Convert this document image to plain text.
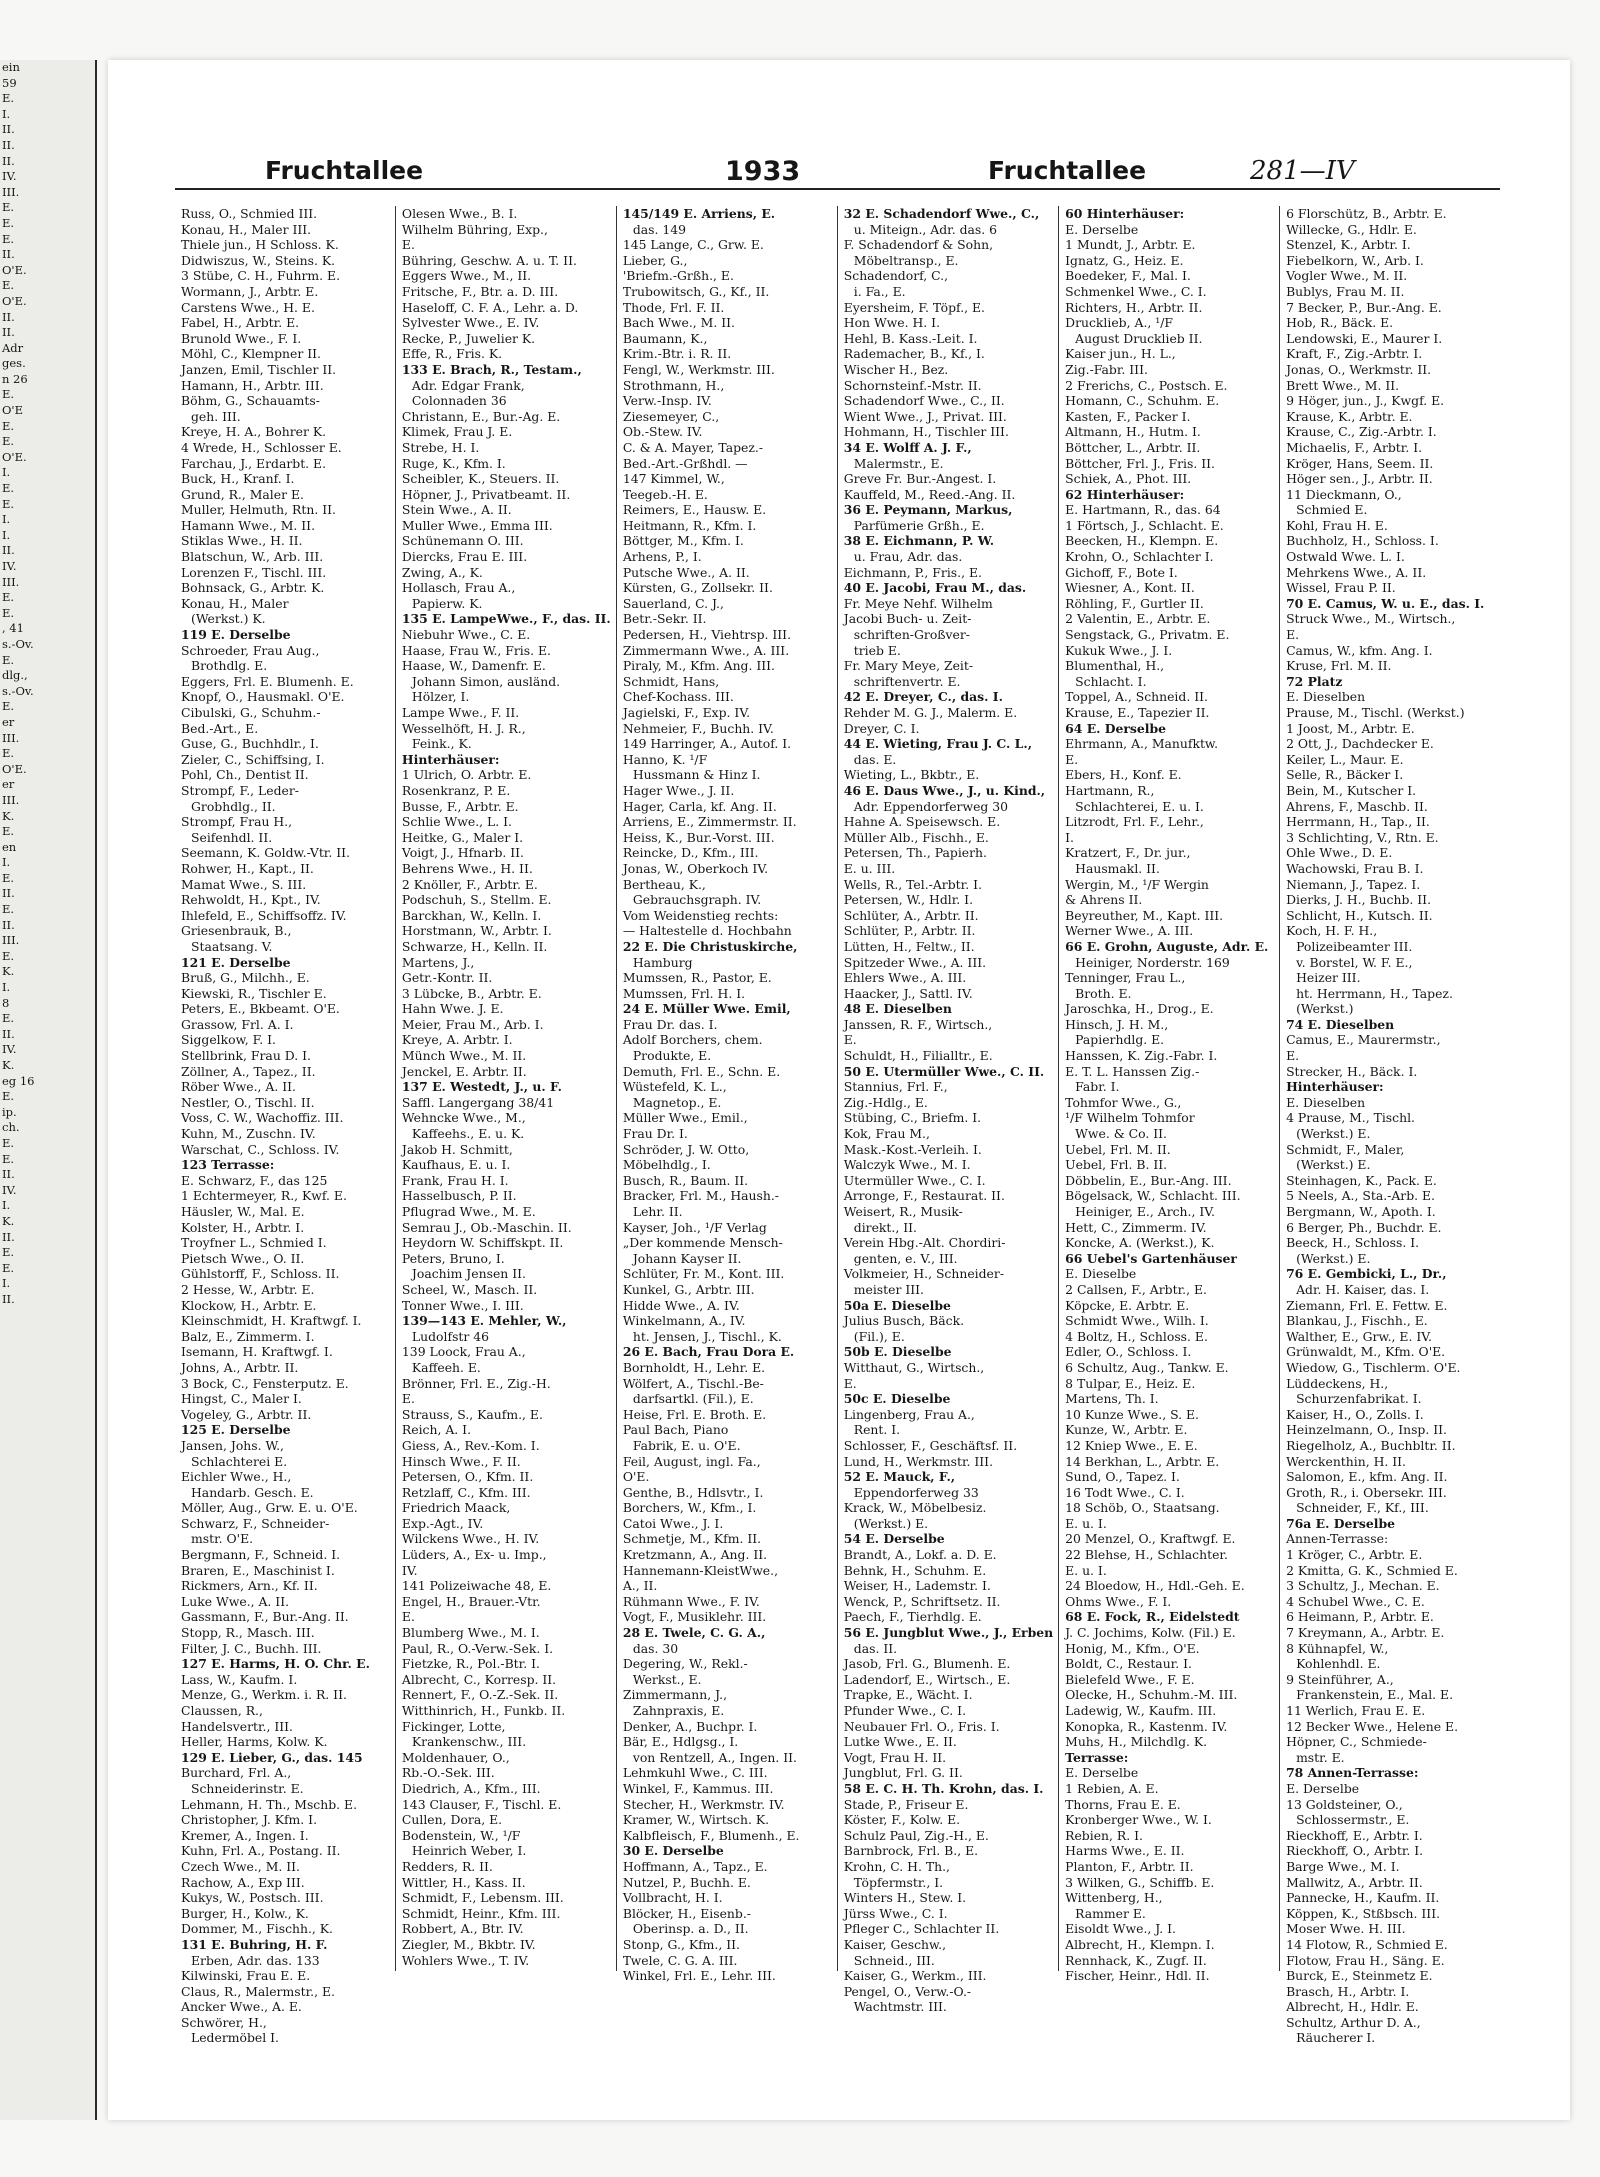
ein
59
E.
I.
II.
II.
II.
IV.
III.
E.
E.
E.
II.
O'E.
E.
O'E.
II.
II.
Adr
ges.
n 26
E.
O'E
E.
E.
O'E.
I.
E.
E.
I.
I.
II.
IV.
III.
E.
E.
, 41
s.-Ov.
E.
dlg.,
s.-Ov.
E.
er
III.
E.
O'E.
er
III.
K.
E.
en
I.
E.
II.
E.
II.
III.
E.
K.
I.
8
E.
II.
IV.
K.
eg 16
E.
ip.
ch.
E.
E.
II.
IV.
I.
K.
II.
E.
E.
I.
II.
Fruchtallee	1933	Fruchtallee	281—IV
Russ, O., Schmied III.
Konau, H., Maler III.
Thiele jun., H Schloss. K.
Didwiszus, W., Steins. K.
3 Stübe, C. H., Fuhrm. E.
Wormann, J., Arbtr. E.
Carstens Wwe., H. E.
Fabel, H., Arbtr. E.
Brunold Wwe., F. I.
Möhl, C., Klempner II.
Janzen, Emil, Tischler II.
Hamann, H., Arbtr. III.
Böhm, G., Schauamts-
geh. III.
Kreye, H. A., Bohrer K.
4 Wrede, H., Schlosser E.
Farchau, J., Erdarbt. E.
Buck, H., Kranf. I.
Grund, R., Maler E.
Muller, Helmuth, Rtn. II.
Hamann Wwe., M. II.
Stiklas Wwe., H. II.
Blatschun, W., Arb. III.
Lorenzen F., Tischl. III.
Bohnsack, G., Arbtr. K.
Konau, H., Maler
(Werkst.) K.
119 E. Derselbe
Schroeder, Frau Aug.,
Brothdlg. E.
Eggers, Frl. E. Blumenh. E.
Knopf, O., Hausmakl. O'E.
Cibulski, G., Schuhm.-
Bed.-Art., E.
Guse, G., Buchhdlr., I.
Zieler, C., Schiffsing, I.
Pohl, Ch., Dentist II.
Strompf, F., Leder-
Grobhdlg., II.
Strompf, Frau H.,
Seifenhdl. II.
Seemann, K. Goldw.-Vtr. II.
Rohwer, H., Kapt., II.
Mamat Wwe., S. III.
Rehwoldt, H., Kpt., IV.
Ihlefeld, E., Schiffsoffz. IV.
Griesenbrauk, B.,
Staatsang. V.
121 E. Derselbe
Bruß, G., Milchh., E.
Kiewski, R., Tischler E.
Peters, E., Bkbeamt. O'E.
Grassow, Frl. A. I.
Siggelkow, F. I.
Stellbrink, Frau D. I.
Zöllner, A., Tapez., II.
Röber Wwe., A. II.
Nestler, O., Tischl. II.
Voss, C. W., Wachoffiz. III.
Kuhn, M., Zuschn. IV.
Warschat, C., Schloss. IV.
123 Terrasse:
E. Schwarz, F., das 125
1 Echtermeyer, R., Kwf. E.
Häusler, W., Mal. E.
Kolster, H., Arbtr. I.
Troyfner L., Schmied I.
Pietsch Wwe., O. II.
Gühlstorff, F., Schloss. II.
2 Hesse, W., Arbtr. E.
Klockow, H., Arbtr. E.
Kleinschmidt, H. Kraftwgf. I.
Balz, E., Zimmerm. I.
Isemann, H. Kraftwgf. I.
Johns, A., Arbtr. II.
3 Bock, C., Fensterputz. E.
Hingst, C., Maler I.
Vogeley, G., Arbtr. II.
125 E. Derselbe
Jansen, Johs. W.,
Schlachterei E.
Eichler Wwe., H.,
Handarb. Gesch. E.
Möller, Aug., Grw. E. u. O'E.
Schwarz, F., Schneider-
mstr. O'E.
Bergmann, F., Schneid. I.
Braren, E., Maschinist I.
Rickmers, Arn., Kf. II.
Luke Wwe., A. II.
Gassmann, F., Bur.-Ang. II.
Stopp, R., Masch. III.
Filter, J. C., Buchh. III.
127 E. Harms, H. O. Chr. E.
Lass, W., Kaufm. I.
Menze, G., Werkm. i. R. II.
Claussen, R.,
Handelsvertr., III.
Heller, Harms, Kolw. K.
129 E. Lieber, G., das. 145
Burchard, Frl. A.,
Schneiderinstr. E.
Lehmann, H. Th., Mschb. E.
Christopher, J. Kfm. I.
Kremer, A., Ingen. I.
Kuhn, Frl. A., Postang. II.
Czech Wwe., M. II.
Rachow, A., Exp III.
Kukys, W., Postsch. III.
Burger, H., Kolw., K.
Dommer, M., Fischh., K.
131 E. Buhring, H. F.
Erben, Adr. das. 133
Kilwinski, Frau E. E.
Claus, R., Malermstr., E.
Ancker Wwe., A. E.
Schwörer, H.,
Ledermöbel I.
Olesen Wwe., B. I.
Wilhelm Bühring, Exp.,
E.
Bühring, Geschw. A. u. T. II.
Eggers Wwe., M., II.
Fritsche, F., Btr. a. D. III.
Haseloff, C. F. A., Lehr. a. D.
Sylvester Wwe., E. IV.
Recke, P., Juwelier K.
Effe, R., Fris. K.
133 E. Brach, R., Testam.,
Adr. Edgar Frank,
Colonnaden 36
Christann, E., Bur.-Ag. E.
Klimek, Frau J. E.
Strebe, H. I.
Ruge, K., Kfm. I.
Scheibler, K., Steuers. II.
Höpner, J., Privatbeamt. II.
Stein Wwe., A. II.
Muller Wwe., Emma III.
Schünemann O. III.
Diercks, Frau E. III.
Zwing, A., K.
Hollasch, Frau A.,
Papierw. K.
135 E. LampeWwe., F., das. II.
Niebuhr Wwe., C. E.
Haase, Frau W., Fris. E.
Haase, W., Damenfr. E.
Johann Simon, ausländ.
Hölzer, I.
Lampe Wwe., F. II.
Wesselhöft, H. J. R.,
Feink., K.
Hinterhäuser:
1 Ulrich, O. Arbtr. E.
Rosenkranz, P. E.
Busse, F., Arbtr. E.
Schlie Wwe., L. I.
Heitke, G., Maler I.
Voigt, J., Hfnarb. II.
Behrens Wwe., H. II.
2 Knöller, F., Arbtr. E.
Podschuh, S., Stellm. E.
Barckhan, W., Kelln. I.
Horstmann, W., Arbtr. I.
Schwarze, H., Kelln. II.
Martens, J.,
Getr.-Kontr. II.
3 Lübcke, B., Arbtr. E.
Hahn Wwe. J. E.
Meier, Frau M., Arb. I.
Kreye, A. Arbtr. I.
Münch Wwe., M. II.
Jenckel, E. Arbtr. II.
137 E. Westedt, J., u. F.
Saffl. Langergang 38/41
Wehncke Wwe., M.,
Kaffeehs., E. u. K.
Jakob H. Schmitt,
Kaufhaus, E. u. I.
Frank, Frau H. I.
Hasselbusch, P. II.
Pflugrad Wwe., M. E.
Semrau J., Ob.-Maschin. II.
Heydorn W. Schiffskpt. II.
Peters, Bruno, I.
Joachim Jensen II.
Scheel, W., Masch. II.
Tonner Wwe., I. III.
139—143 E. Mehler, W.,
Ludolfstr 46
139 Loock, Frau A.,
Kaffeeh. E.
Brönner, Frl. E., Zig.-H.
E.
Strauss, S., Kaufm., E.
Reich, A. I.
Giess, A., Rev.-Kom. I.
Hinsch Wwe., F. II.
Petersen, O., Kfm. II.
Retzlaff, C., Kfm. III.
Friedrich Maack,
Exp.-Agt., IV.
Wilckens Wwe., H. IV.
Lüders, A., Ex- u. Imp.,
IV.
141 Polizeiwache 48, E.
Engel, H., Brauer.-Vtr.
E.
Blumberg Wwe., M. I.
Paul, R., O.-Verw.-Sek. I.
Fietzke, R., Pol.-Btr. I.
Albrecht, C., Korresp. II.
Rennert, F., O.-Z.-Sek. II.
Witthinrich, H., Funkb. II.
Fickinger, Lotte,
Krankenschw., III.
Moldenhauer, O.,
Rb.-O.-Sek. III.
Diedrich, A., Kfm., III.
143 Clauser, F., Tischl. E.
Cullen, Dora, E.
Bodenstein, W., ¹/F
Heinrich Weber, I.
Redders, R. II.
Wittler, H., Kass. II.
Schmidt, F., Lebensm. III.
Schmidt, Heinr., Kfm. III.
Robbert, A., Btr. IV.
Ziegler, M., Bkbtr. IV.
Wohlers Wwe., T. IV.
145/149 E. Arriens, E.
das. 149
145 Lange, C., Grw. E.
Lieber, G.,
'Briefm.-Grßh., E.
Trubowitsch, G., Kf., II.
Thode, Frl. F. II.
Bach Wwe., M. II.
Baumann, K.,
Krim.-Btr. i. R. II.
Fengl, W., Werkmstr. III.
Strothmann, H.,
Verw.-Insp. IV.
Ziesemeyer, C.,
Ob.-Stew. IV.
C. & A. Mayer, Tapez.-
Bed.-Art.-Grßhdl. —
147 Kimmel, W.,
Teegeb.-H. E.
Reimers, E., Hausw. E.
Heitmann, R., Kfm. I.
Böttger, M., Kfm. I.
Arhens, P., I.
Putsche Wwe., A. II.
Kürsten, G., Zollsekr. II.
Sauerland, C. J.,
Betr.-Sekr. II.
Pedersen, H., Viehtrsp. III.
Zimmermann Wwe., A. III.
Piraly, M., Kfm. Ang. III.
Schmidt, Hans,
Chef-Kochass. III.
Jagielski, F., Exp. IV.
Nehmeier, F., Buchh. IV.
149 Harringer, A., Autof. I.
Hanno, K. ¹/F
Hussmann & Hinz I.
Hager Wwe., J. II.
Hager, Carla, kf. Ang. II.
Arriens, E., Zimmermstr. II.
Heiss, K., Bur.-Vorst. III.
Reincke, D., Kfm., III.
Jonas, W., Oberkoch IV.
Bertheau, K.,
Gebrauchsgraph. IV.
Vom Weidenstieg rechts:
— Haltestelle d. Hochbahn
22 E. Die Christuskirche,
Hamburg
Mumssen, R., Pastor, E.
Mumssen, Frl. H. I.
24 E. Müller Wwe. Emil,
Frau Dr. das. I.
Adolf Borchers, chem.
Produkte, E.
Demuth, Frl. E., Schn. E.
Wüstefeld, K. L.,
Magnetop., E.
Müller Wwe., Emil.,
Frau Dr. I.
Schröder, J. W. Otto,
Möbelhdlg., I.
Busch, R., Baum. II.
Bracker, Frl. M., Haush.-
Lehr. II.
Kayser, Joh., ¹/F Verlag
„Der kommende Mensch-
Johann Kayser II.
Schlüter, Fr. M., Kont. III.
Kunkel, G., Arbtr. III.
Hidde Wwe., A. IV.
Winkelmann, A., IV.
ht. Jensen, J., Tischl., K.
26 E. Bach, Frau Dora E.
Bornholdt, H., Lehr. E.
Wölfert, A., Tischl.-Be-
darfsartkl. (Fil.), E.
Heise, Frl. E. Broth. E.
Paul Bach, Piano
Fabrik, E. u. O'E.
Feil, August, ingl. Fa.,
O'E.
Genthe, B., Hdlsvtr., I.
Borchers, W., Kfm., I.
Catoi Wwe., J. I.
Schmetje, M., Kfm. II.
Kretzmann, A., Ang. II.
Hannemann-KleistWwe.,
A., II.
Rühmann Wwe., F. IV.
Vogt, F., Musiklehr. III.
28 E. Twele, C. G. A.,
das. 30
Degering, W., Rekl.-
Werkst., E.
Zimmermann, J.,
Zahnpraxis, E.
Denker, A., Buchpr. I.
Bär, E., Hdlgsg., I.
von Rentzell, A., Ingen. II.
Lehmkuhl Wwe., C. III.
Winkel, F., Kammus. III.
Stecher, H., Werkmstr. IV.
Kramer, W., Wirtsch. K.
Kalbfleisch, F., Blumenh., E.
30 E. Derselbe
Hoffmann, A., Tapz., E.
Nutzel, P., Buchh. E.
Vollbracht, H. I.
Blöcker, H., Eisenb.-
Oberinsp. a. D., II.
Stonp, G., Kfm., II.
Twele, C. G. A. III.
Winkel, Frl. E., Lehr. III.
32 E. Schadendorf Wwe., C.,
u. Miteign., Adr. das. 6
F. Schadendorf & Sohn,
Möbeltransp., E.
Schadendorf, C.,
i. Fa., E.
Eyersheim, F. Töpf., E.
Hon Wwe. H. I.
Hehl, B. Kass.-Leit. I.
Rademacher, B., Kf., I.
Wischer H., Bez.
Schornsteinf.-Mstr. II.
Schadendorf Wwe., C., II.
Wient Wwe., J., Privat. III.
Hohmann, H., Tischler III.
34 E. Wolff A. J. F.,
Malermstr., E.
Greve Fr. Bur.-Angest. I.
Kauffeld, M., Reed.-Ang. II.
36 E. Peymann, Markus,
Parfümerie Grßh., E.
38 E. Eichmann, P. W.
u. Frau, Adr. das.
Eichmann, P., Fris., E.
40 E. Jacobi, Frau M., das.
Fr. Meye Nehf. Wilhelm
Jacobi Buch- u. Zeit-
schriften-Großver-
trieb E.
Fr. Mary Meye, Zeit-
schriftenvertr. E.
42 E. Dreyer, C., das. I.
Rehder M. G. J., Malerm. E.
Dreyer, C. I.
44 E. Wieting, Frau J. C. L.,
das. E.
Wieting, L., Bkbtr., E.
46 E. Daus Wwe., J., u. Kind.,
Adr. Eppendorferweg 30
Hahne A. Speisewsch. E.
Müller Alb., Fischh., E.
Petersen, Th., Papierh.
E. u. III.
Wells, R., Tel.-Arbtr. I.
Petersen, W., Hdlr. I.
Schlüter, A., Arbtr. II.
Schlüter, P., Arbtr. II.
Lütten, H., Feltw., II.
Spitzeder Wwe., A. III.
Ehlers Wwe., A. III.
Haacker, J., Sattl. IV.
48 E. Dieselben
Janssen, R. F., Wirtsch.,
E.
Schuldt, H., Filialltr., E.
50 E. Utermüller Wwe., C. II.
Stannius, Frl. F.,
Zig.-Hdlg., E.
Stübing, C., Briefm. I.
Kok, Frau M.,
Mask.-Kost.-Verleih. I.
Walczyk Wwe., M. I.
Utermüller Wwe., C. I.
Arronge, F., Restaurat. II.
Weisert, R., Musik-
direkt., II.
Verein Hbg.-Alt. Chordiri-
genten, e. V., III.
Volkmeier, H., Schneider-
meister III.
50a E. Dieselbe
Julius Busch, Bäck.
(Fil.), E.
50b E. Dieselbe
Witthaut, G., Wirtsch.,
E.
50c E. Dieselbe
Lingenberg, Frau A.,
Rent. I.
Schlosser, F., Geschäftsf. II.
Lund, H., Werkmstr. III.
52 E. Mauck, F.,
Eppendorferweg 33
Krack, W., Möbelbesiz.
(Werkst.) E.
54 E. Derselbe
Brandt, A., Lokf. a. D. E.
Behnk, H., Schuhm. E.
Weiser, H., Lademstr. I.
Wenck, P., Schriftsetz. II.
Paech, F., Tierhdlg. E.
56 E. Jungblut Wwe., J., Erben
das. II.
Jasob, Frl. G., Blumenh. E.
Ladendorf, E., Wirtsch., E.
Trapke, E., Wächt. I.
Pfunder Wwe., C. I.
Neubauer Frl. O., Fris. I.
Lutke Wwe., E. II.
Vogt, Frau H. II.
Jungblut, Frl. G. II.
58 E. C. H. Th. Krohn, das. I.
Stade, P., Friseur E.
Köster, F., Kolw. E.
Schulz Paul, Zig.-H., E.
Barnbrock, Frl. B., E.
Krohn, C. H. Th.,
Töpfermstr., I.
Winters H., Stew. I.
Jürss Wwe., C. I.
Pfleger C., Schlachter II.
Kaiser, Geschw.,
Schneid., III.
Kaiser, G., Werkm., III.
Pengel, O., Verw.-O.-
Wachtmstr. III.
60 Hinterhäuser:
E. Derselbe
1 Mundt, J., Arbtr. E.
Ignatz, G., Heiz. E.
Boedeker, F., Mal. I.
Schmenkel Wwe., C. I.
Richters, H., Arbtr. II.
Drucklieb, A., ¹/F
August Drucklieb II.
Kaiser jun., H. L.,
Zig.-Fabr. III.
2 Frerichs, C., Postsch. E.
Homann, C., Schuhm. E.
Kasten, F., Packer I.
Altmann, H., Hutm. I.
Böttcher, L., Arbtr. II.
Böttcher, Frl. J., Fris. II.
Schiek, A., Phot. III.
62 Hinterhäuser:
E. Hartmann, R., das. 64
1 Förtsch, J., Schlacht. E.
Beecken, H., Klempn. E.
Krohn, O., Schlachter I.
Gichoff, F., Bote I.
Wiesner, A., Kont. II.
Röhling, F., Gurtler II.
2 Valentin, E., Arbtr. E.
Sengstack, G., Privatm. E.
Kukuk Wwe., J. I.
Blumenthal, H.,
Schlacht. I.
Toppel, A., Schneid. II.
Krause, E., Tapezier II.
64 E. Derselbe
Ehrmann, A., Manufktw.
E.
Ebers, H., Konf. E.
Hartmann, R.,
Schlachterei, E. u. I.
Litzrodt, Frl. F., Lehr.,
I.
Kratzert, F., Dr. jur.,
Hausmakl. II.
Wergin, M., ¹/F Wergin
& Ahrens II.
Beyreuther, M., Kapt. III.
Werner Wwe., A. III.
66 E. Grohn, Auguste, Adr. E.
Heiniger, Norderstr. 169
Tenninger, Frau L.,
Broth. E.
Jaroschka, H., Drog., E.
Hinsch, J. H. M.,
Papierhdlg. E.
Hanssen, K. Zig.-Fabr. I.
E. T. L. Hanssen Zig.-
Fabr. I.
Tohmfor Wwe., G.,
¹/F Wilhelm Tohmfor
Wwe. & Co. II.
Uebel, Frl. M. II.
Uebel, Frl. B. II.
Döbbelin, E., Bur.-Ang. III.
Bögelsack, W., Schlacht. III.
Heiniger, E., Arch., IV.
Hett, C., Zimmerm. IV.
Koncke, A. (Werkst.), K.
66 Uebel's Gartenhäuser
E. Dieselbe
2 Callsen, F., Arbtr., E.
Köpcke, E. Arbtr. E.
Schmidt Wwe., Wilh. I.
4 Boltz, H., Schloss. E.
Edler, O., Schloss. I.
6 Schultz, Aug., Tankw. E.
8 Tulpar, E., Heiz. E.
Martens, Th. I.
10 Kunze Wwe., S. E.
Kunze, W., Arbtr. E.
12 Kniep Wwe., E. E.
14 Berkhan, L., Arbtr. E.
Sund, O., Tapez. I.
16 Todt Wwe., C. I.
18 Schöb, O., Staatsang.
E. u. I.
20 Menzel, O., Kraftwgf. E.
22 Blehse, H., Schlachter.
E. u. I.
24 Bloedow, H., Hdl.-Geh. E.
Ohms Wwe., F. I.
68 E. Fock, R., Eidelstedt
J. C. Jochims, Kolw. (Fil.) E.
Honig, M., Kfm., O'E.
Boldt, C., Restaur. I.
Bielefeld Wwe., F. E.
Olecke, H., Schuhm.-M. III.
Ladewig, W., Kaufm. III.
Konopka, R., Kastenm. IV.
Muhs, H., Milchdlg. K.
Terrasse:
E. Derselbe
1 Rebien, A. E.
Thorns, Frau E. E.
Kronberger Wwe., W. I.
Rebien, R. I.
Harms Wwe., E. II.
Planton, F., Arbtr. II.
3 Wilken, G., Schiffb. E.
Wittenberg, H.,
Rammer E.
Eisoldt Wwe., J. I.
Albrecht, H., Klempn. I.
Rennhack, K., Zugf. II.
Fischer, Heinr., Hdl. II.
6 Florschütz, B., Arbtr. E.
Willecke, G., Hdlr. E.
Stenzel, K., Arbtr. I.
Fiebelkorn, W., Arb. I.
Vogler Wwe., M. II.
Bublys, Frau M. II.
7 Becker, P., Bur.-Ang. E.
Hob, R., Bäck. E.
Lendowski, E., Maurer I.
Kraft, F., Zig.-Arbtr. I.
Jonas, O., Werkmstr. II.
Brett Wwe., M. II.
9 Höger, jun., J., Kwgf. E.
Krause, K., Arbtr. E.
Krause, C., Zig.-Arbtr. I.
Michaelis, F., Arbtr. I.
Kröger, Hans, Seem. II.
Höger sen., J., Arbtr. II.
11 Dieckmann, O.,
Schmied E.
Kohl, Frau H. E.
Buchholz, H., Schloss. I.
Ostwald Wwe. L. I.
Mehrkens Wwe., A. II.
Wissel, Frau P. II.
70 E. Camus, W. u. E., das. I.
Struck Wwe., M., Wirtsch.,
E.
Camus, W., kfm. Ang. I.
Kruse, Frl. M. II.
72 Platz
E. Dieselben
Prause, M., Tischl. (Werkst.)
1 Joost, M., Arbtr. E.
2 Ott, J., Dachdecker E.
Keiler, L., Maur. E.
Selle, R., Bäcker I.
Bein, M., Kutscher I.
Ahrens, F., Maschb. II.
Herrmann, H., Tap., II.
3 Schlichting, V., Rtn. E.
Ohle Wwe., D. E.
Wachowski, Frau B. I.
Niemann, J., Tapez. I.
Dierks, J. H., Buchb. II.
Schlicht, H., Kutsch. II.
Koch, H. F. H.,
Polizeibeamter III.
v. Borstel, W. F. E.,
Heizer III.
ht. Herrmann, H., Tapez.
(Werkst.)
74 E. Dieselben
Camus, E., Maurermstr.,
E.
Strecker, H., Bäck. I.
Hinterhäuser:
E. Dieselben
4 Prause, M., Tischl.
(Werkst.) E.
Schmidt, F., Maler,
(Werkst.) E.
Steinhagen, K., Pack. E.
5 Neels, A., Sta.-Arb. E.
Bergmann, W., Apoth. I.
6 Berger, Ph., Buchdr. E.
Beeck, H., Schloss. I.
(Werkst.) E.
76 E. Gembicki, L., Dr.,
Adr. H. Kaiser, das. I.
Ziemann, Frl. E. Fettw. E.
Blankau, J., Fischh., E.
Walther, E., Grw., E. IV.
Grünwaldt, M., Kfm. O'E.
Wiedow, G., Tischlerm. O'E.
Lüddeckens, H.,
Schurzenfabrikat. I.
Kaiser, H., O., Zolls. I.
Heinzelmann, O., Insp. II.
Riegelholz, A., Buchbltr. II.
Werckenthin, H. II.
Salomon, E., kfm. Ang. II.
Groth, R., i. Obersekr. III.
Schneider, F., Kf., III.
76a E. Derselbe
Annen-Terrasse:
1 Kröger, C., Arbtr. E.
2 Kmitta, G. K., Schmied E.
3 Schultz, J., Mechan. E.
4 Schubel Wwe., C. E.
6 Heimann, P., Arbtr. E.
7 Kreymann, A., Arbtr. E.
8 Kühnapfel, W.,
Kohlenhdl. E.
9 Steinführer, A.,
Frankenstein, E., Mal. E.
11 Werlich, Frau E. E.
12 Becker Wwe., Helene E.
Höpner, C., Schmiede-
mstr. E.
78 Annen-Terrasse:
E. Derselbe
13 Goldsteiner, O.,
Schlossermstr., E.
Rieckhoff, E., Arbtr. I.
Rieckhoff, O., Arbtr. I.
Barge Wwe., M. I.
Mallwitz, A., Arbtr. II.
Pannecke, H., Kaufm. II.
Köppen, K., Stßbsch. III.
Moser Wwe. H. III.
14 Flotow, R., Schmied E.
Flotow, Frau H., Säng. E.
Burck, E., Steinmetz E.
Brasch, H., Arbtr. I.
Albrecht, H., Hdlr. E.
Schultz, Arthur D. A.,
Räucherer I.
